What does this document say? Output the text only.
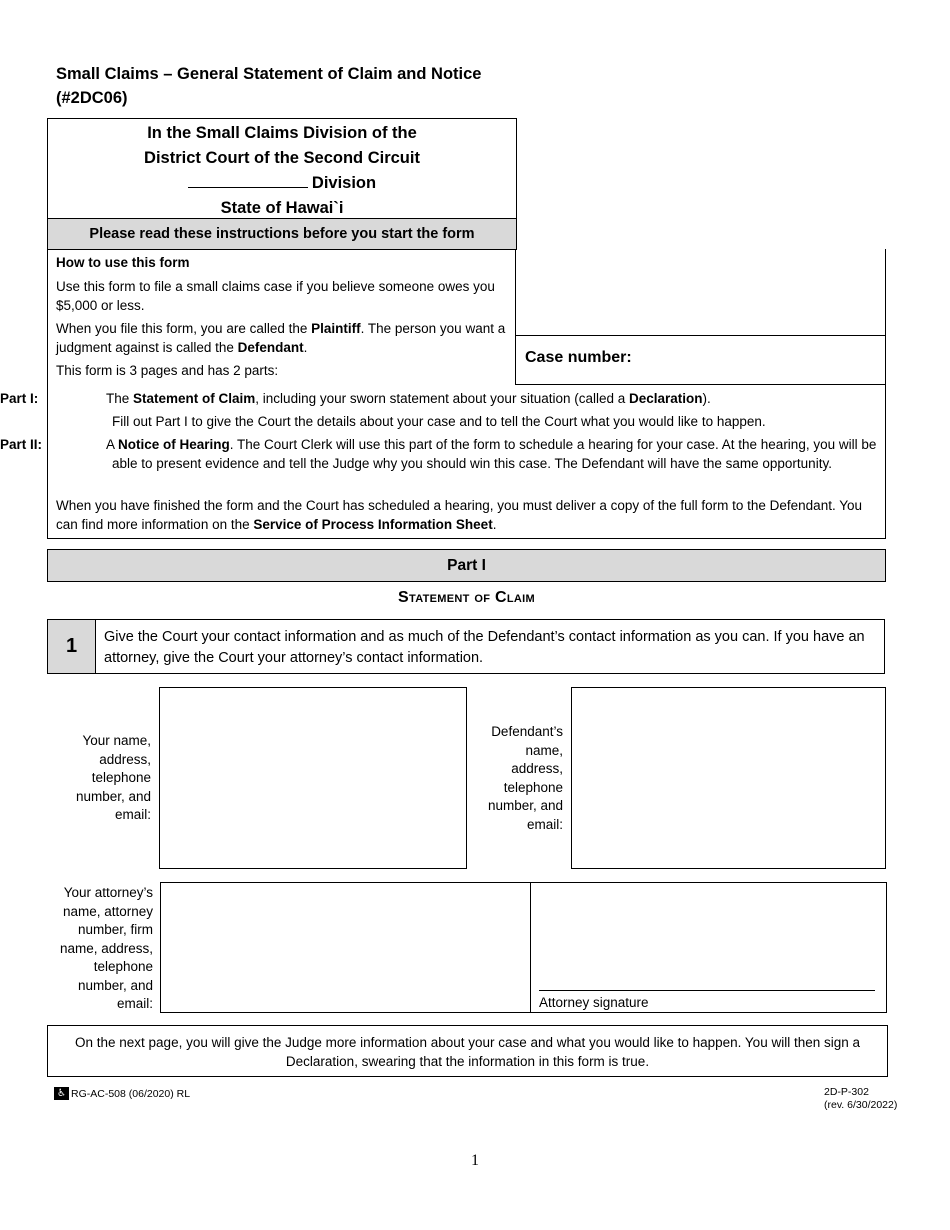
Small Claims – General Statement of Claim and Notice
(#2DC06)
In the Small Claims Division of the
District Court of the Second Circuit
Division
State of Hawai`i
Please read these instructions before you start the form
Case number:
How to use this form
Use this form to file a small claims case if you believe someone owes you $5,000 or less.
When you file this form, you are called the Plaintiff. The person you want a judgment against is called the Defendant.
This form is 3 pages and has 2 parts:
Part I:	The Statement of Claim, including your sworn statement about your situation (called a Declaration).
Fill out Part I to give the Court the details about your case and to tell the Court what you would like to happen.
Part II:	A Notice of Hearing. The Court Clerk will use this part of the form to schedule a hearing for your case. At the hearing, you will be able to present evidence and tell the Judge why you should win this case. The Defendant will have the same opportunity.
When you have finished the form and the Court has scheduled a hearing, you must deliver a copy of the full form to the Defendant. You can find more information on the Service of Process Information Sheet.
Part I
Statement of Claim
1	Give the Court your contact information and as much of the Defendant’s contact information as you can. If you have an attorney, give the Court your attorney’s contact information.
Your name,
address,
telephone
number, and
email:
Defendant’s
name,
address,
telephone
number, and
email:
Your attorney’s
name, attorney
number, firm
name, address,
telephone
number, and
email:	Attorney signature
On the next page, you will give the Judge more information about your case and what you would like to happen. You will then sign a Declaration, swearing that the information in this form is true.
♿ RG-AC-508 (06/2020) RL	2D-P-302
(rev. 6/30/2022)
1
